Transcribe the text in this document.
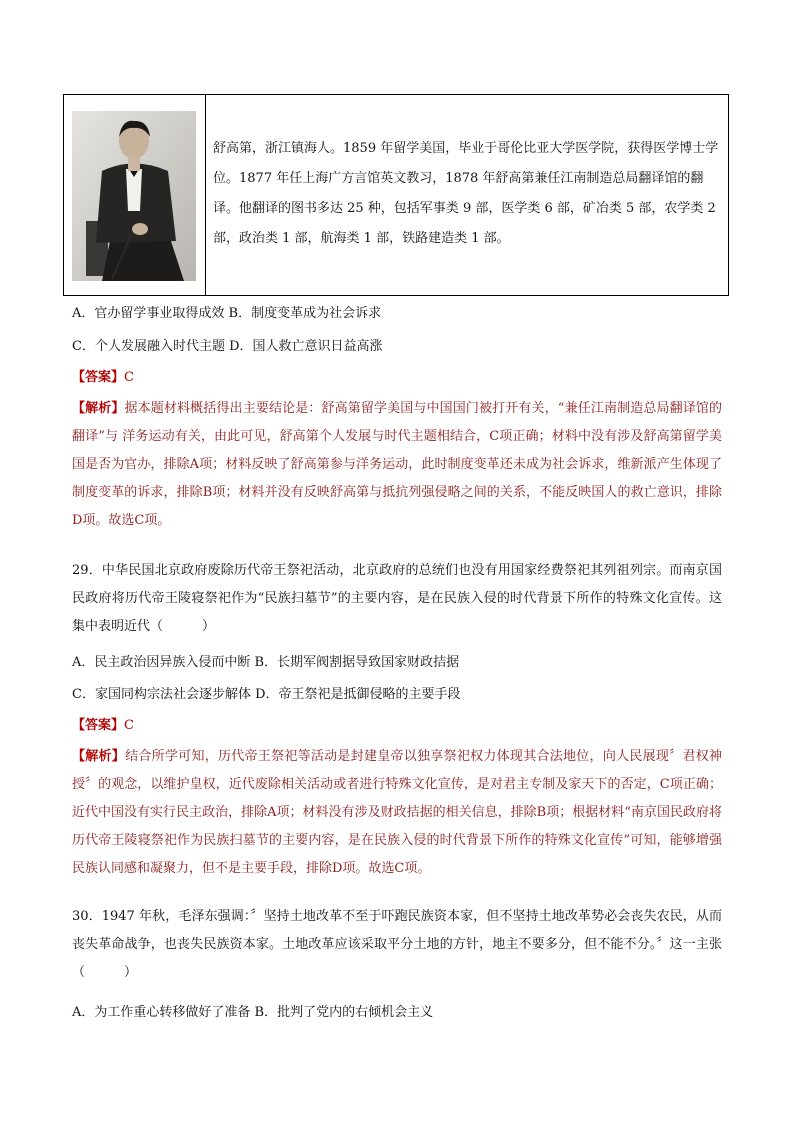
舒高第，浙江镇海人。1859 年留学美国，毕业于哥伦比亚大学医学院，获得医学博士学位。1877 年任上海广方言馆英文教习，1878 年舒高第兼任江南制造总局翻译馆的翻译。他翻译的图书多达 25 种，包括军事类 9 部，医学类 6 部，矿冶类 5 部，农学类 2 部，政治类 1 部，航海类 1 部，铁路建造类 1 部。
A．官办留学事业取得成效 B．制度变革成为社会诉求
C．个人发展融入时代主题 D．国人救亡意识日益高涨
【答案】C

【解析】据本题材料概括得出主要结论是：舒高第留学美国与中国国门被打开有关，“兼任江南制造总局翻译馆的翻译”与 洋务运动有关，由此可见，舒高第个人发展与时代主题相结合，C项正确；材料中没有涉及舒高第留学美国是否为官办，排除A项；材料反映了舒高第参与洋务运动，此时制度变革还未成为社会诉求，维新派产生体现了制度变革的诉求，排除B项；材料并没有反映舒高第与抵抗列强侵略之间的关系，不能反映国人的救亡意识，排除D项。故选C项。

29．中华民国北京政府废除历代帝王祭祀活动，北京政府的总统们也没有用国家经费祭祀其列祖列宗。而南京国民政府将历代帝王陵寝祭祀作为“民族扫墓节”的主要内容，是在民族入侵的时代背景下所作的特殊文化宣传。这集中表明近代（　　　）

A．民主政治因异族入侵而中断 B．长期军阀割据导致国家财政拮据
C．家国同构宗法社会逐步解体 D．帝王祭祀是抵御侵略的主要手段
【答案】C

【解析】结合所学可知，历代帝王祭祀等活动是封建皇帝以独享祭祀权力体现其合法地位，向人民展现〞君权神授〞的观念，以维护皇权，近代废除相关活动或者进行特殊文化宣传，是对君主专制及家天下的否定，C项正确；近代中国没有实行民主政治，排除A项；材料没有涉及财政拮据的相关信息，排除B项；根据材料“南京国民政府将历代帝王陵寝祭祀作为民族扫墓节的主要内容，是在民族入侵的时代背景下所作的特殊文化宣传”可知，能够增强民族认同感和凝聚力，但不是主要手段，排除D项。故选C项。

30．1947 年秋，毛泽东强调：〞坚持土地改革不至于吓跑民族资本家，但不坚持土地改革势必会丧失农民，从而丧失革命战争，也丧失民族资本家。土地改革应该采取平分土地的方针，地主不要多分，但不能不分。〞这一主张（　　　）

A．为工作重心转移做好了准备 B．批判了党内的右倾机会主义
